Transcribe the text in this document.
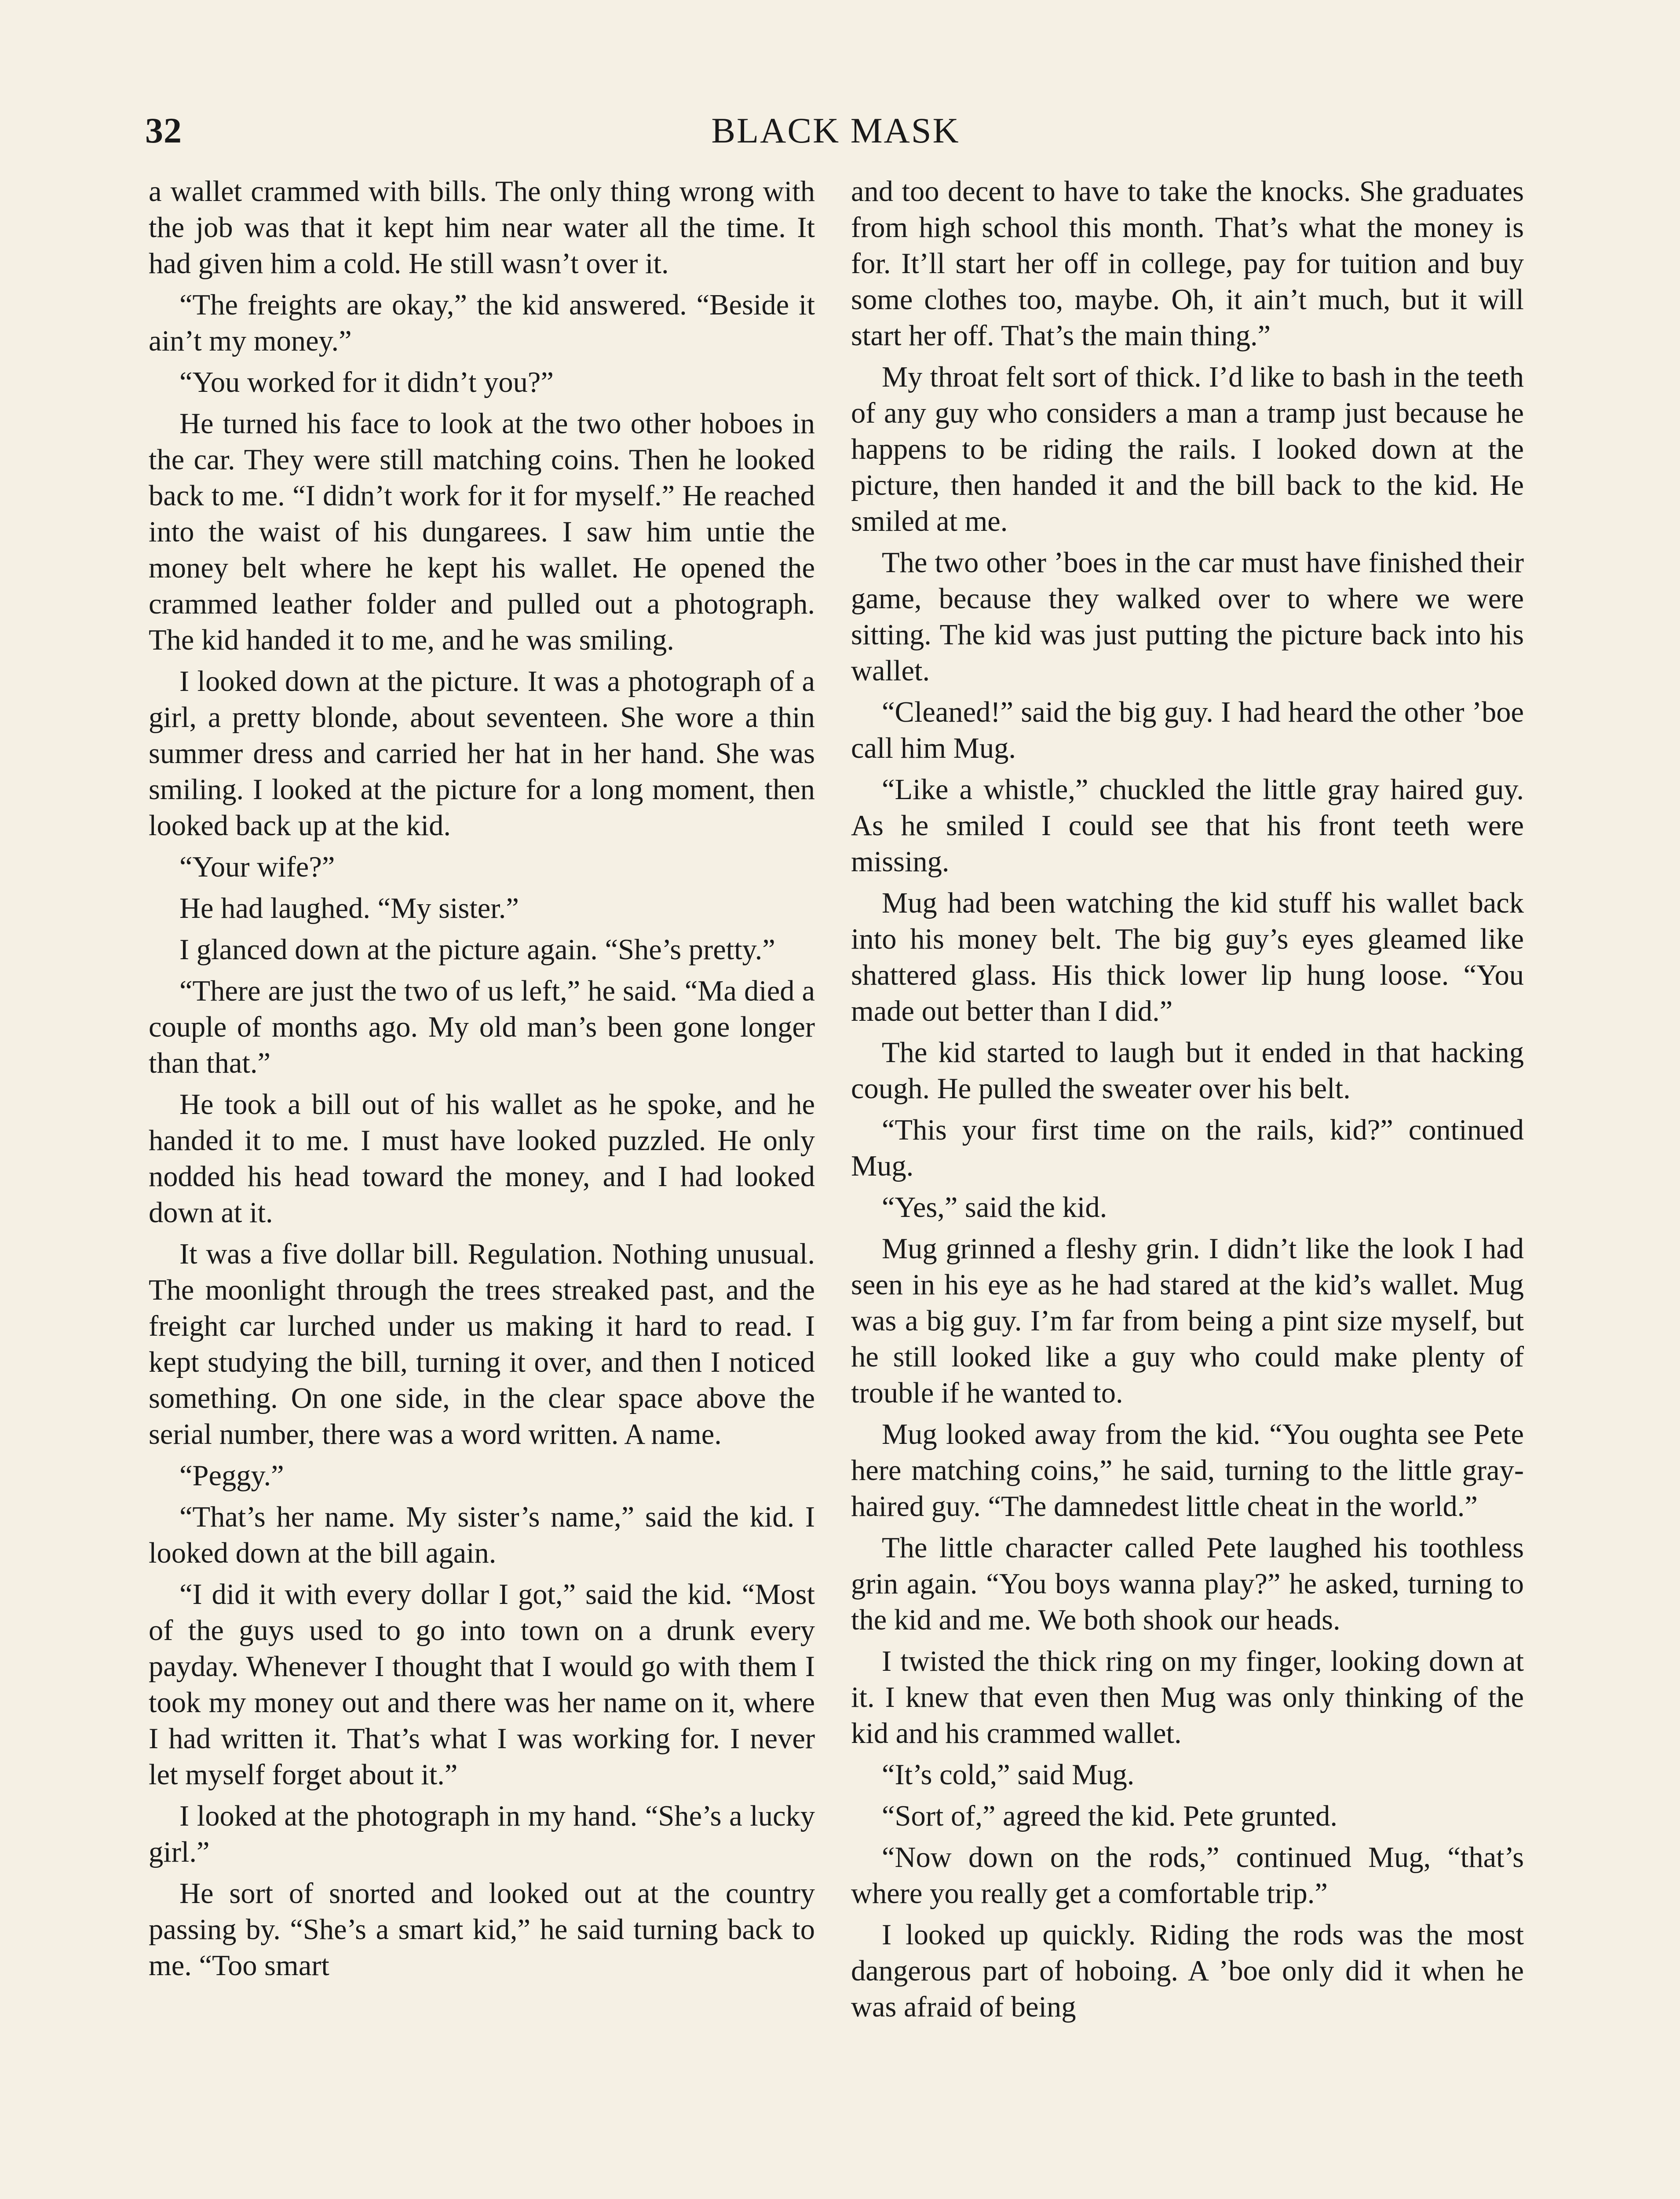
32	BLACK MASK

a wallet crammed with bills. The only thing wrong with the job was that it kept him near water all the time. It had given him a cold. He still wasn’t over it.

“The freights are okay,” the kid answered. “Beside it ain’t my money.”

“You worked for it didn’t you?”

He turned his face to look at the two other hoboes in the car. They were still matching coins. Then he looked back to me. “I didn’t work for it for myself.” He reached into the waist of his dungarees. I saw him untie the money belt where he kept his wallet. He opened the crammed leather folder and pulled out a photograph. The kid handed it to me, and he was smiling.

I looked down at the picture. It was a photograph of a girl, a pretty blonde, about seventeen. She wore a thin summer dress and carried her hat in her hand. She was smiling. I looked at the picture for a long moment, then looked back up at the kid.

“Your wife?”

He had laughed. “My sister.”

I glanced down at the picture again. “She’s pretty.”

“There are just the two of us left,” he said. “Ma died a couple of months ago. My old man’s been gone longer than that.”

He took a bill out of his wallet as he spoke, and he handed it to me. I must have looked puzzled. He only nodded his head toward the money, and I had looked down at it.

It was a five dollar bill. Regulation. Nothing unusual. The moonlight through the trees streaked past, and the freight car lurched under us making it hard to read. I kept studying the bill, turning it over, and then I noticed something. On one side, in the clear space above the serial number, there was a word written. A name.

“Peggy.”

“That’s her name. My sister’s name,” said the kid. I looked down at the bill again.

“I did it with every dollar I got,” said the kid. “Most of the guys used to go into town on a drunk every payday. Whenever I thought that I would go with them I took my money out and there was her name on it, where I had written it. That’s what I was working for. I never let myself forget about it.”

I looked at the photograph in my hand. “She’s a lucky girl.”

He sort of snorted and looked out at the country passing by. “She’s a smart kid,” he said turning back to me. “Too smart

and too decent to have to take the knocks. She graduates from high school this month. That’s what the money is for. It’ll start her off in college, pay for tuition and buy some clothes too, maybe. Oh, it ain’t much, but it will start her off. That’s the main thing.”

My throat felt sort of thick. I’d like to bash in the teeth of any guy who considers a man a tramp just because he happens to be riding the rails. I looked down at the picture, then handed it and the bill back to the kid. He smiled at me.

The two other ’boes in the car must have finished their game, because they walked over to where we were sitting. The kid was just putting the picture back into his wallet.

“Cleaned!” said the big guy. I had heard the other ’boe call him Mug.

“Like a whistle,” chuckled the little gray haired guy. As he smiled I could see that his front teeth were missing.

Mug had been watching the kid stuff his wallet back into his money belt. The big guy’s eyes gleamed like shattered glass. His thick lower lip hung loose. “You made out better than I did.”

The kid started to laugh but it ended in that hacking cough. He pulled the sweater over his belt.

“This your first time on the rails, kid?” continued Mug.

“Yes,” said the kid.

Mug grinned a fleshy grin. I didn’t like the look I had seen in his eye as he had stared at the kid’s wallet. Mug was a big guy. I’m far from being a pint size myself, but he still looked like a guy who could make plenty of trouble if he wanted to.

Mug looked away from the kid. “You oughta see Pete here matching coins,” he said, turning to the little gray-haired guy. “The damnedest little cheat in the world.”

The little character called Pete laughed his toothless grin again. “You boys wanna play?” he asked, turning to the kid and me. We both shook our heads.

I twisted the thick ring on my finger, looking down at it. I knew that even then Mug was only thinking of the kid and his crammed wallet.

“It’s cold,” said Mug.

“Sort of,” agreed the kid. Pete grunted.

“Now down on the rods,” continued Mug, “that’s where you really get a comfortable trip.”

I looked up quickly. Riding the rods was the most dangerous part of hoboing. A ’boe only did it when he was afraid of being
